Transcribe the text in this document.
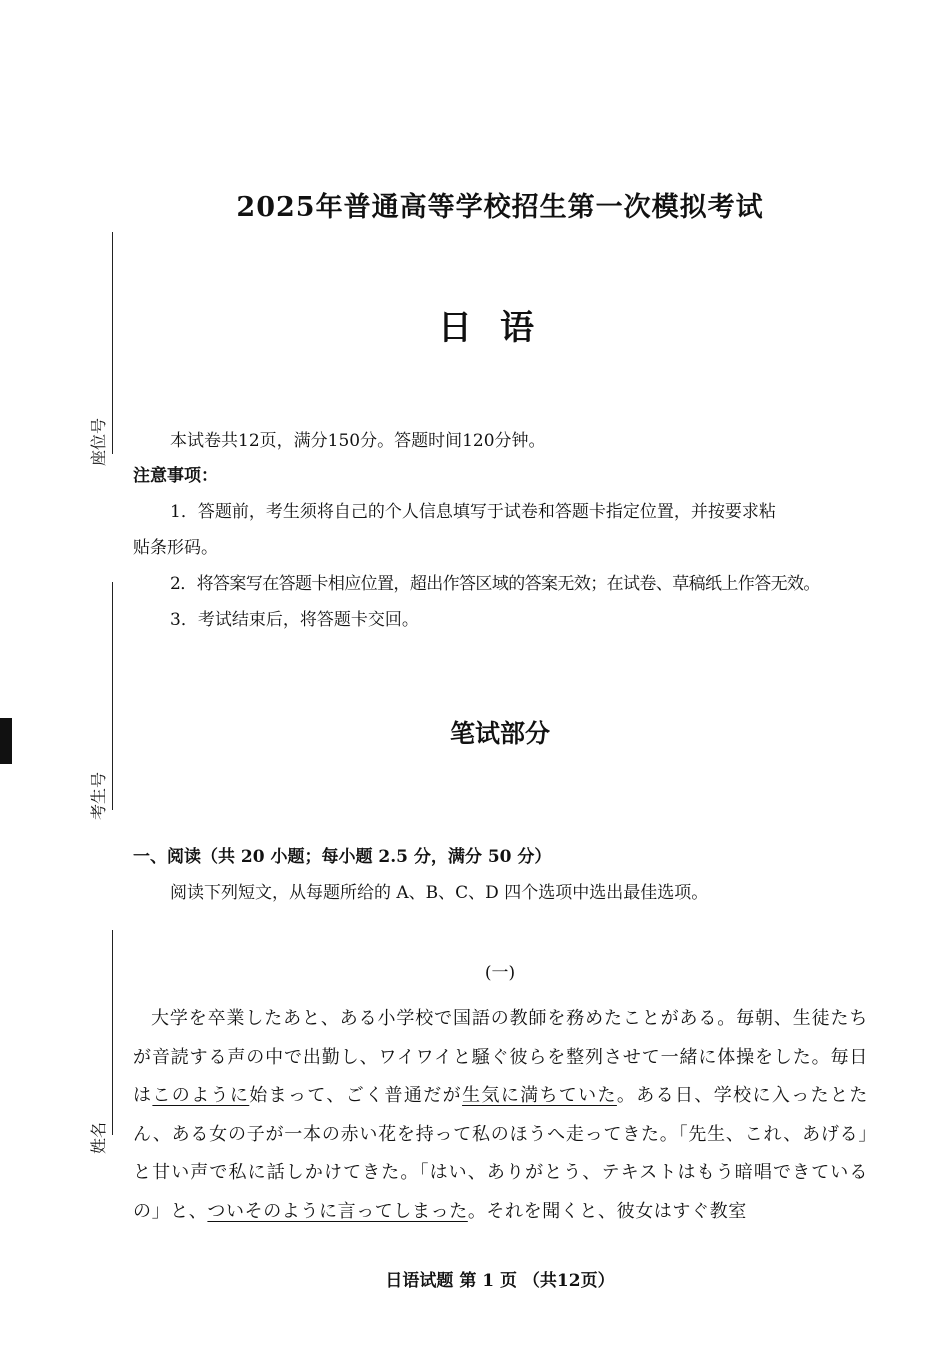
座位号
考生号
姓名
2025年普通高等学校招生第一次模拟考试
日语
本试卷共12页，满分150分。答题时间120分钟。
注意事项：
1．答题前，考生须将自己的个人信息填写于试卷和答题卡指定位置，并按要求粘
贴条形码。
2．将答案写在答题卡相应位置，超出作答区域的答案无效；在试卷、草稿纸上作答无效。
3．考试结束后，将答题卡交回。
笔试部分
一、阅读（共 20 小题；每小题 2.5 分，满分 50 分）
阅读下列短文，从每题所给的 A、B、C、D 四个选项中选出最佳选项。
(一)
大学を卒業したあと、ある小学校で国語の教師を務めたことがある。毎朝、生徒たちが音読する声の中で出勤し、ワイワイと騒ぐ彼らを整列させて一緒に体操をした。毎日はこのように始まって、ごく普通だが生気に満ちていた。ある日、学校に入ったとたん、ある女の子が一本の赤い花を持って私のほうへ走ってきた。「先生、これ、あげる」と甘い声で私に話しかけてきた。「はい、ありがとう、テキストはもう暗唱できているの」と、ついそのように言ってしまった。それを聞くと、彼女はすぐ教室
日语试题 第 1 页 （共12页）
